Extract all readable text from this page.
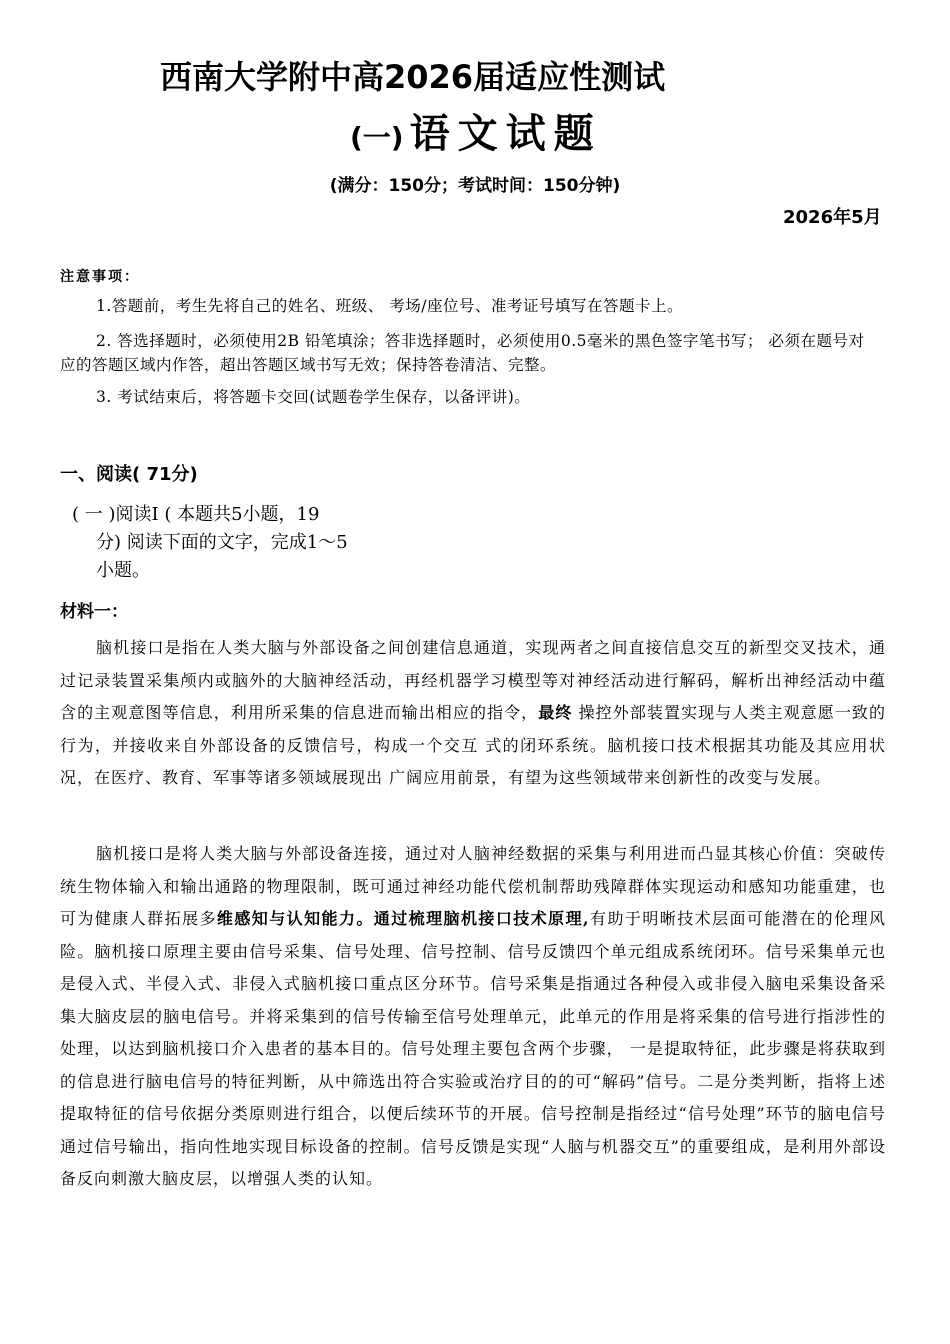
西南大学附中高2026届适应性测试
(一) 语文试题
(满分：150分；考试时间：150分钟)
2026年5月
注意事项：
1.答题前，考生先将自己的姓名、班级、 考场/座位号、准考证号填写在答题卡上。
2. 答选择题时，必须使用2B 铅笔填涂；答非选择题时，必须使用0.5毫米的黑色签字笔书写； 必须在题号对应的答题区域内作答，超出答题区域书写无效；保持答卷清洁、完整。
3. 考试结束后，将答题卡交回(试题卷学生保存，以备评讲)。
一、阅读( 71分)
( 一 )阅读I ( 本题共5小题，19
分) 阅读下面的文字，完成1～5
小题。
材料一：
脑机接口是指在人类大脑与外部设备之间创建信息通道，实现两者之间直接信息交互的新型交叉技术，通过记录装置采集颅内或脑外的大脑神经活动，再经机器学习模型等对神经活动进行解码，解析出神经活动中蕴含的主观意图等信息，利用所采集的信息进而输出相应的指令，最终 操控外部装置实现与人类主观意愿一致的行为，并接收来自外部设备的反馈信号，构成一个交互 式的闭环系统。脑机接口技术根据其功能及其应用状况，在医疗、教育、军事等诸多领域展现出 广阔应用前景，有望为这些领域带来创新性的改变与发展。
脑机接口是将人类大脑与外部设备连接，通过对人脑神经数据的采集与利用进而凸显其核心价值：突破传统生物体输入和输出通路的物理限制，既可通过神经功能代偿机制帮助残障群体实现运动和感知功能重建，也可为健康人群拓展多维感知与认知能力。通过梳理脑机接口技术原理,有助于明晰技术层面可能潜在的伦理风险。脑机接口原理主要由信号采集、信号处理、信号控制、信号反馈四个单元组成系统闭环。信号采集单元也是侵入式、半侵入式、非侵入式脑机接口重点区分环节。信号采集是指通过各种侵入或非侵入脑电采集设备采集大脑皮层的脑电信号。并将采集到的信号传输至信号处理单元，此单元的作用是将采集的信号进行指涉性的处理，以达到脑机接口介入患者的基本目的。信号处理主要包含两个步骤， 一是提取特征，此步骤是将获取到的信息进行脑电信号的特征判断，从中筛选出符合实验或治疗目的的可“解码”信号。二是分类判断，指将上述提取特征的信号依据分类原则进行组合，以便后续环节的开展。信号控制是指经过“信号处理”环节的脑电信号通过信号输出，指向性地实现目标设备的控制。信号反馈是实现“人脑与机器交互”的重要组成，是利用外部设备反向刺激大脑皮层，以增强人类的认知。
